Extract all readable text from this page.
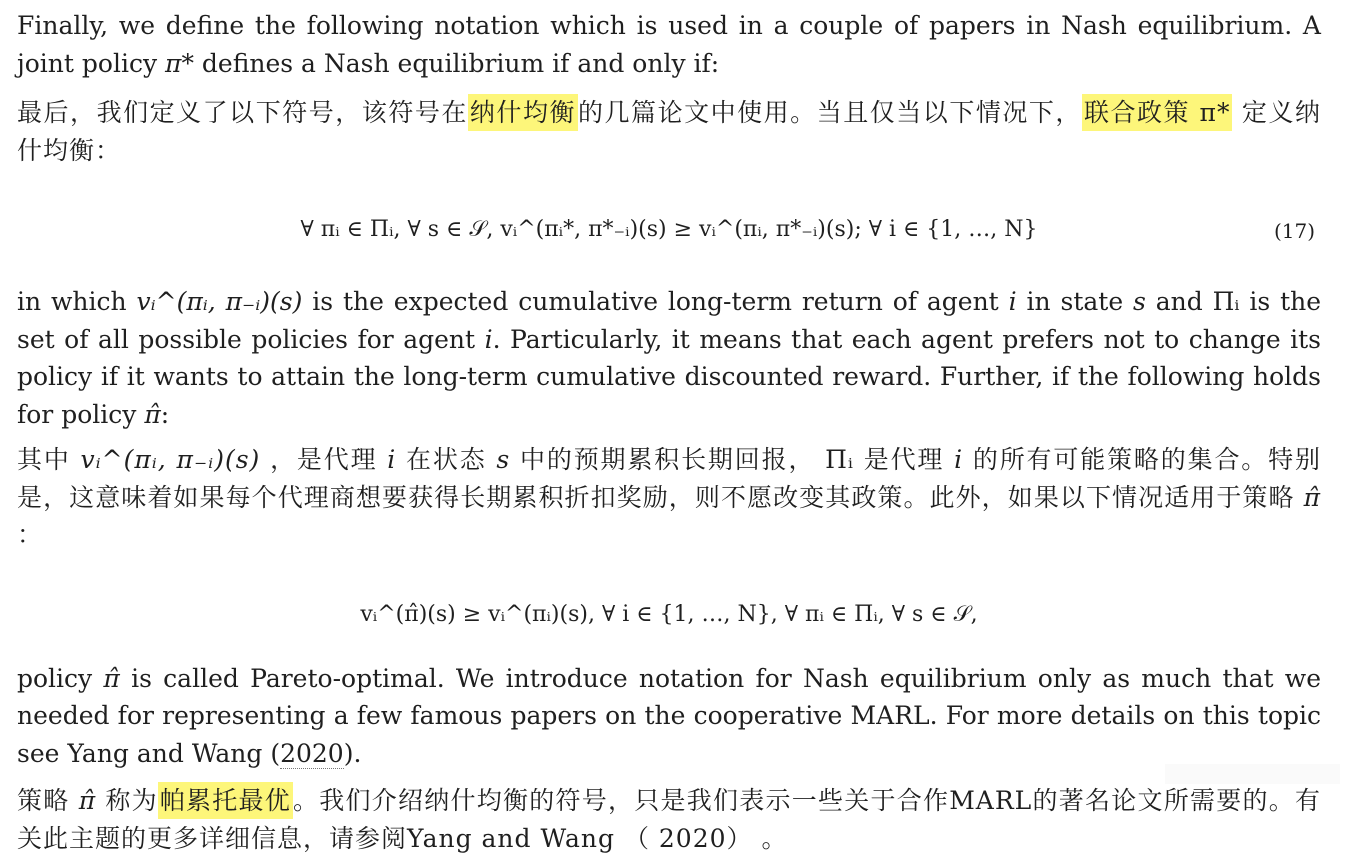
Finally, we define the following notation which is used in a couple of papers in Nash equilibrium. A joint policy π* defines a Nash equilibrium if and only if:

最后，我们定义了以下符号，该符号在纳什均衡的几篇论文中使用。当且仅当以下情况下，联合政策 π* 定义纳什均衡：

∀ πᵢ ∈ Πᵢ, ∀ s ∈ 𝒮, vᵢ^(πᵢ*, π*₋ᵢ)(s) ≥ vᵢ^(πᵢ, π*₋ᵢ)(s); ∀ i ∈ {1, …, N}	(17)

in which vᵢ^(πᵢ, π₋ᵢ)(s) is the expected cumulative long-term return of agent i in state s and Πᵢ is the set of all possible policies for agent i. Particularly, it means that each agent prefers not to change its policy if it wants to attain the long-term cumulative discounted reward. Further, if the following holds for policy π̂:

其中 vᵢ^(πᵢ, π₋ᵢ)(s) ，是代理 i 在状态 s 中的预期累积长期回报， Πᵢ 是代理 i 的所有可能策略的集合。特别是，这意味着如果每个代理商想要获得长期累积折扣奖励，则不愿改变其政策。此外，如果以下情况适用于策略 π̂ ：

vᵢ^(π̂)(s) ≥ vᵢ^(πᵢ)(s), ∀ i ∈ {1, …, N}, ∀ πᵢ ∈ Πᵢ, ∀ s ∈ 𝒮,

policy π̂ is called Pareto-optimal. We introduce notation for Nash equilibrium only as much that we needed for representing a few famous papers on the cooperative MARL. For more details on this topic see Yang and Wang (2020).

策略 π̂ 称为帕累托最优。我们介绍纳什均衡的符号，只是我们表示一些关于合作MARL的著名论文所需要的。有关此主题的更多详细信息，请参阅Yang and Wang （ 2020） 。
